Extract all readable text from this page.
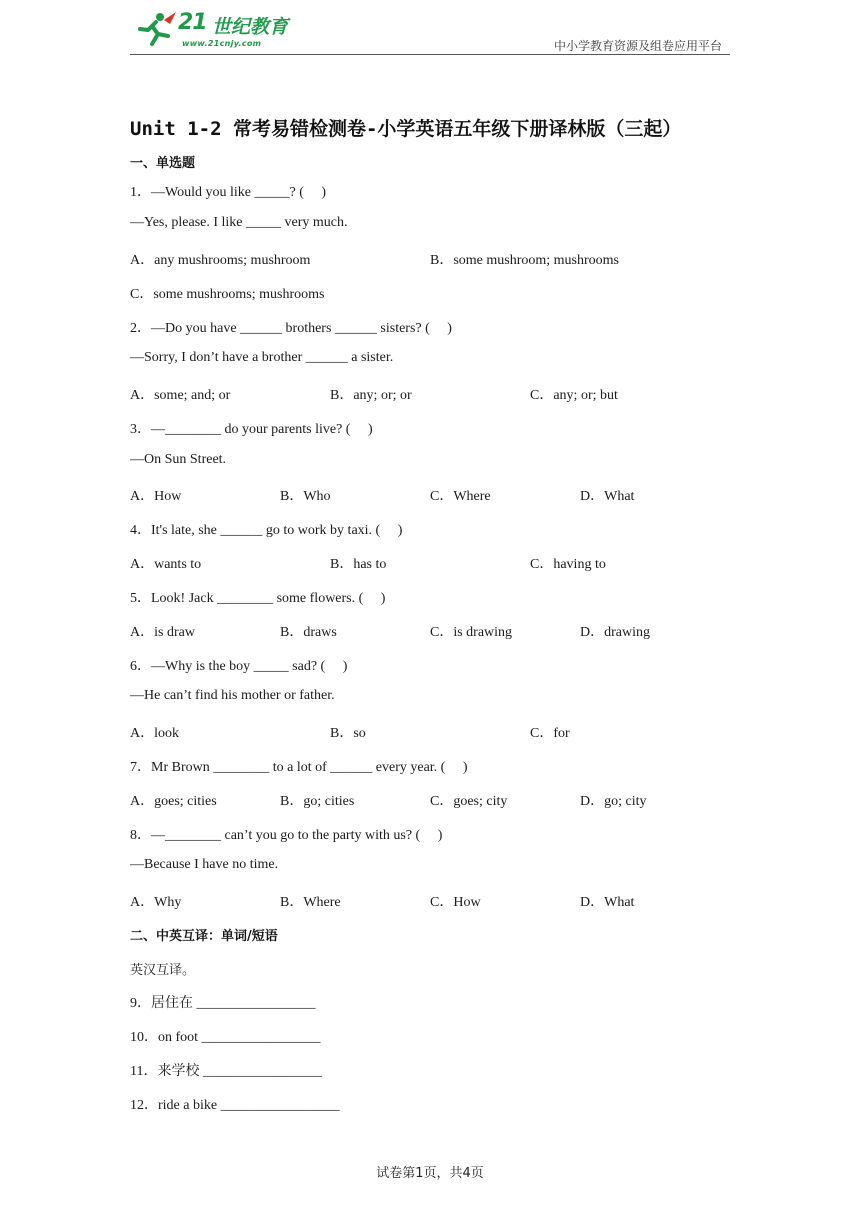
21 世纪教育
www.21cnjy.com	中小学教育资源及组卷应用平台
Unit 1-2 常考易错检测卷-小学英语五年级下册译林版（三起）
一、单选题
1．—Would you like _____? (　 )
—Yes, please. I like _____ very much.
A．any mushrooms; mushroom	B．some mushroom; mushrooms
C．some mushrooms; mushrooms
2．—Do you have ______ brothers ______ sisters? (　 )
—Sorry, I don’t have a brother ______ a sister.
A．some; and; or	B．any; or; or	C．any; or; but
3．—________ do your parents live? (　 )
—On Sun Street.
A．How	B．Who	C．Where	D．What
4．It's late, she ______ go to work by taxi. (　 )
A．wants to	B．has to	C．having to
5．Look! Jack ________ some flowers. (　 )
A．is draw	B．draws	C．is drawing	D．drawing
6．—Why is the boy _____ sad? (　 )
—He can’t find his mother or father.
A．look	B．so	C．for
7．Mr Brown ________ to a lot of ______ every year. (　 )
A．goes; cities	B．go; cities	C．goes; city	D．go; city
8．—________ can’t you go to the party with us? (　 )
—Because I have no time.
A．Why	B．Where	C．How	D．What
二、中英互译：单词/短语
英汉互译。
9．居住在 _________________
10．on foot _________________
11．来学校 _________________
12．ride a bike _________________
试卷第1页，共4页
